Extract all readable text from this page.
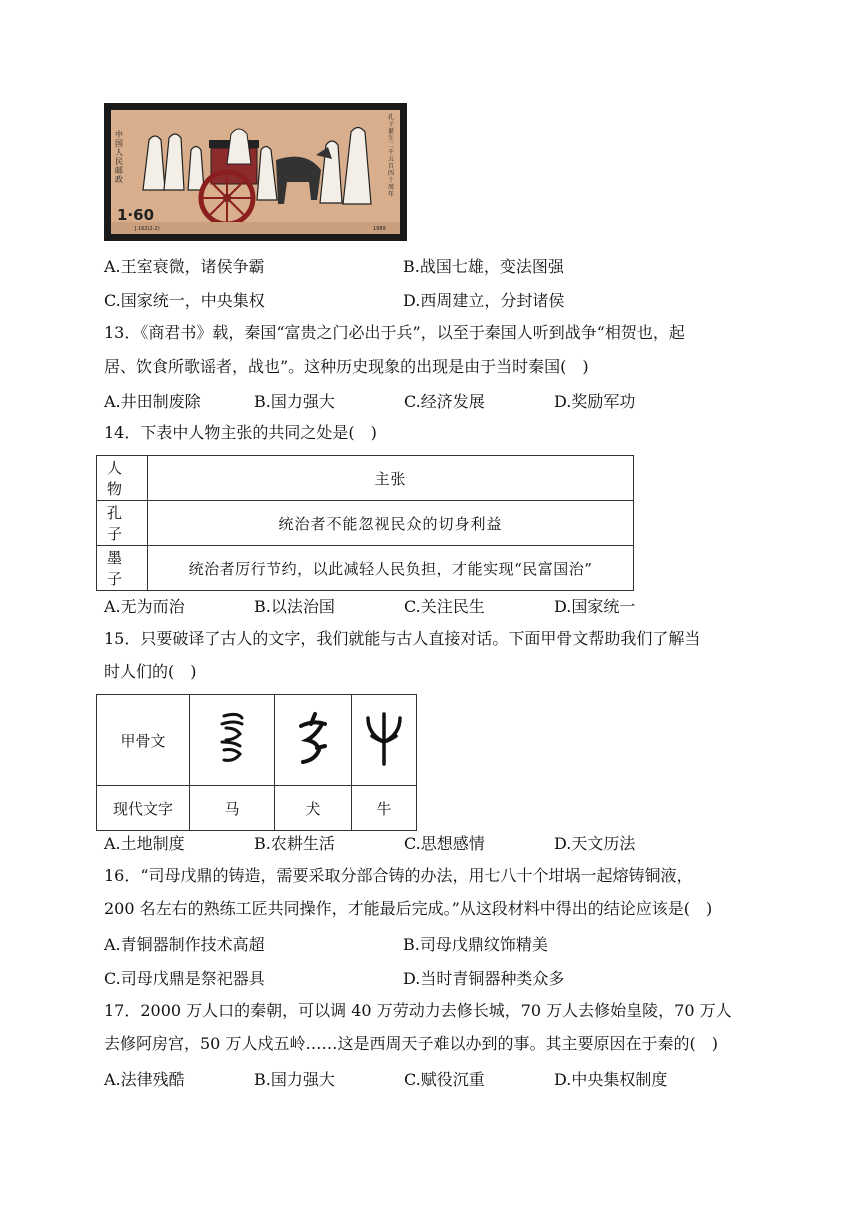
中国人民邮政
1·60
孔子诞生二千五百四十周年
J.162(2-2)	1989
A.王室衰微，诸侯争霸	B.战国七雄，变法图强
C.国家统一，中央集权	D.西周建立，分封诸侯
13．《商君书》载，秦国“富贵之门必出于兵”，以至于秦国人听到战争“相贺也，起
居、饮食所歌谣者，战也”。这种历史现象的出现是由于当时秦国(　)
A.井田制废除	B.国力强大	C.经济发展	D.奖励军功
14．下表中人物主张的共同之处是(　)
人物	主张
孔子	统治者不能忽视民众的切身利益
墨子	统治者厉行节约，以此减轻人民负担，才能实现“民富国治”
A.无为而治	B.以法治国	C.关注民生	D.国家统一
15．只要破译了古人的文字，我们就能与古人直接对话。下面甲骨文帮助我们了解当
时人们的(　)
甲骨文			
现代文字	马	犬	牛
A.土地制度	B.农耕生活	C.思想感情	D.天文历法
16．“司母戊鼎的铸造，需要采取分部合铸的办法，用七八十个坩埚一起熔铸铜液，
200 名左右的熟练工匠共同操作，才能最后完成。”从这段材料中得出的结论应该是(　)
A.青铜器制作技术高超	B.司母戊鼎纹饰精美
C.司母戊鼎是祭祀器具	D.当时青铜器种类众多
17．2000 万人口的秦朝，可以调 40 万劳动力去修长城，70 万人去修始皇陵，70 万人
去修阿房宫，50 万人戍五岭……这是西周天子难以办到的事。其主要原因在于秦的(　)
A.法律残酷	B.国力强大	C.赋役沉重	D.中央集权制度
